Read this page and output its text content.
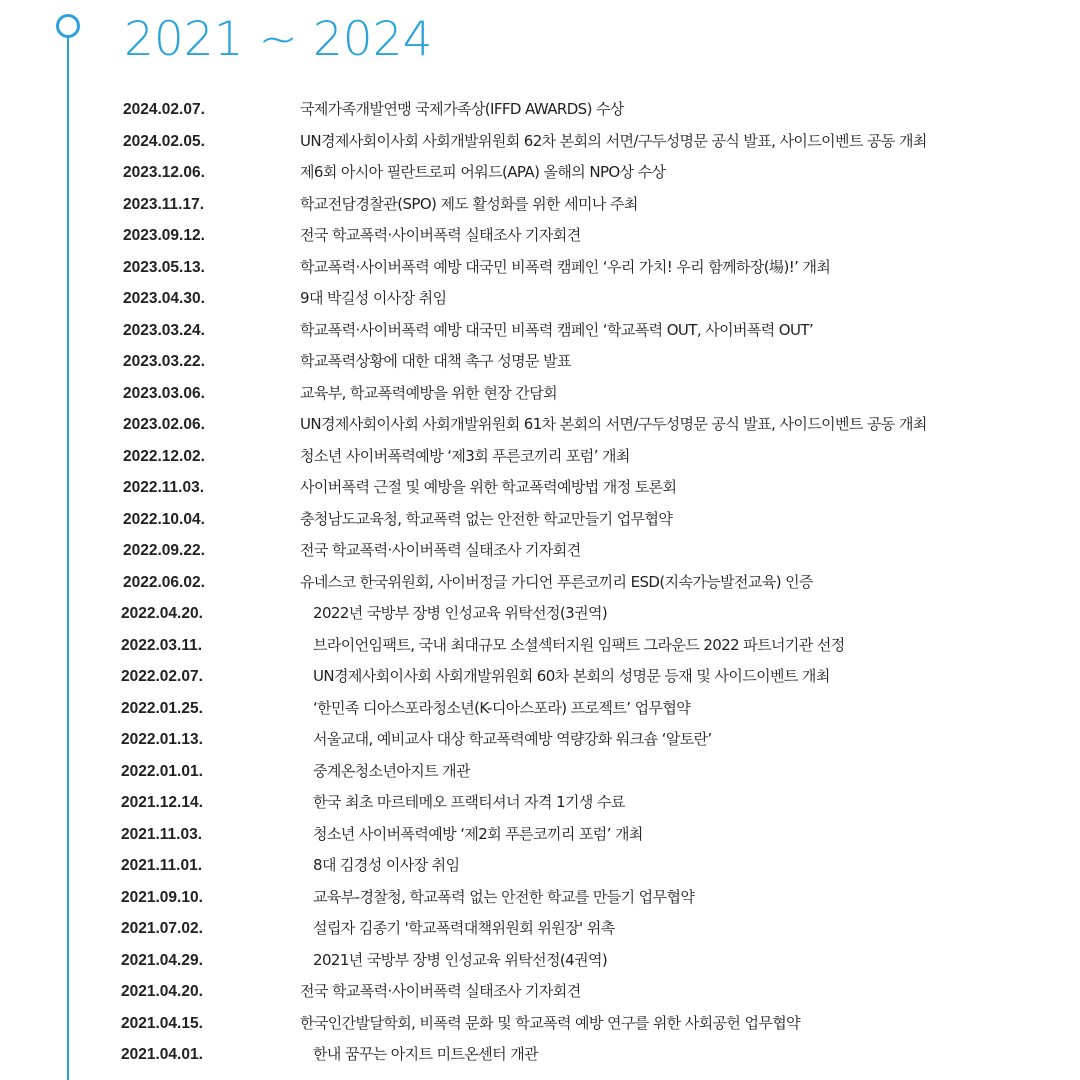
2021 ~ 2024
2024.02.07.	국제가족개발연맹 국제가족상(IFFD AWARDS) 수상
2024.02.05.	UN경제사회이사회 사회개발위원회 62차 본회의 서면/구두성명문 공식 발표, 사이드이벤트 공동 개최
2023.12.06.	제6회 아시아 필란트로피 어워드(APA) 올해의 NPO상 수상
2023.11.17.	학교전담경찰관(SPO) 제도 활성화를 위한 세미나 주최
2023.09.12.	전국 학교폭력·사이버폭력 실태조사 기자회견
2023.05.13.	학교폭력·사이버폭력 예방 대국민 비폭력 캠페인 ‘우리 가치! 우리 함께하장(場)!’ 개최
2023.04.30.	9대 박길성 이사장 취임
2023.03.24.	학교폭력·사이버폭력 예방 대국민 비폭력 캠페인 ‘학교폭력 OUT, 사이버폭력 OUT’
2023.03.22.	학교폭력상황에 대한 대책 촉구 성명문 발표
2023.03.06.	교육부, 학교폭력예방을 위한 현장 간담회
2023.02.06.	UN경제사회이사회 사회개발위원회 61차 본회의 서면/구두성명문 공식 발표, 사이드이벤트 공동 개최
2022.12.02.	청소년 사이버폭력예방 ‘제3회 푸른코끼리 포럼’ 개최
2022.11.03.	사이버폭력 근절 및 예방을 위한 학교폭력예방법 개정 토론회
2022.10.04.	충청남도교육청, 학교폭력 없는 안전한 학교만들기 업무협약
2022.09.22.	전국 학교폭력·사이버폭력 실태조사 기자회견
2022.06.02.	유네스코 한국위원회, 사이버정글 가디언 푸른코끼리 ESD(지속가능발전교육) 인증
2022.04.20.	2022년 국방부 장병 인성교육 위탁선정(3권역)
2022.03.11.	브라이언임팩트, 국내 최대규모 소셜섹터지원 임팩트 그라운드 2022 파트너기관 선정
2022.02.07.	UN경제사회이사회 사회개발위원회 60차 본회의 성명문 등재 및 사이드이벤트 개최
2022.01.25.	‘한민족 디아스포라청소년(K-디아스포라) 프로젝트’ 업무협약
2022.01.13.	서울교대, 예비교사 대상 학교폭력예방 역량강화 워크숍 ‘알토란’
2022.01.01.	중계온청소년아지트 개관
2021.12.14.	한국 최초 마르테메오 프랙티셔너 자격 1기생 수료
2021.11.03.	청소년 사이버폭력예방 ‘제2회 푸른코끼리 포럼’ 개최
2021.11.01.	8대 김경성 이사장 취임
2021.09.10.	교육부-경찰청, 학교폭력 없는 안전한 학교를 만들기 업무협약
2021.07.02.	설립자 김종기 '학교폭력대책위원회 위원장' 위촉
2021.04.29.	2021년 국방부 장병 인성교육 위탁선정(4권역)
2021.04.20.	전국 학교폭력·사이버폭력 실태조사 기자회견
2021.04.15.	한국인간발달학회, 비폭력 문화 및 학교폭력 예방 연구를 위한 사회공헌 업무협약
2021.04.01.	한내 꿈꾸는 아지트 미트온센터 개관
